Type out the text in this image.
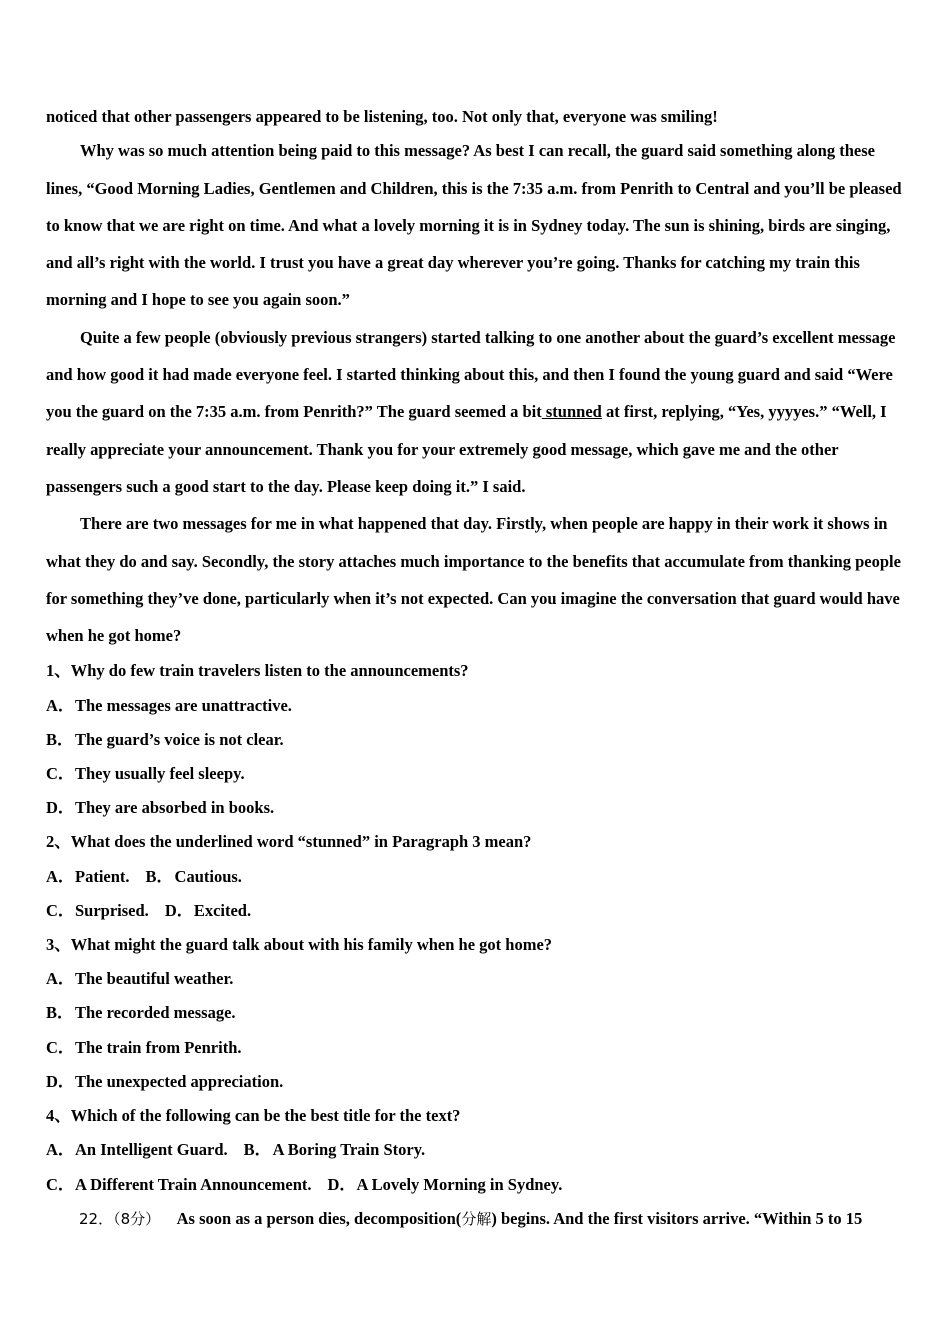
noticed that other passengers appeared to be listening, too. Not only that, everyone was smiling!

Why was so much attention being paid to this message? As best I can recall, the guard said something along these lines, “Good Morning Ladies, Gentlemen and Children, this is the 7:35 a.m. from Penrith to Central and you’ll be pleased to know that we are right on time. And what a lovely morning it is in Sydney today. The sun is shining, birds are singing, and all’s right with the world. I trust you have a great day wherever you’re going. Thanks for catching my train this morning and I hope to see you again soon.”

Quite a few people (obviously previous strangers) started talking to one another about the guard’s excellent message and how good it had made everyone feel. I started thinking about this, and then I found the young guard and said “Were you the guard on the 7:35 a.m. from Penrith?” The guard seemed a bit stunned at first, replying, “Yes, yyyyes.” “Well, I really appreciate your announcement. Thank you for your extremely good message, which gave me and the other passengers such a good start to the day. Please keep doing it.” I said.

There are two messages for me in what happened that day. Firstly, when people are happy in their work it shows in what they do and say. Secondly, the story attaches much importance to the benefits that accumulate from thanking people for something they’ve done, particularly when it’s not expected. Can you imagine the conversation that guard would have when he got home?

1、Why do few train travelers listen to the announcements?
A．The messages are unattractive.
B．The guard’s voice is not clear.
C．They usually feel sleepy.
D．They are absorbed in books.
2、What does the underlined word “stunned” in Paragraph 3 mean?
A．Patient. B．Cautious.
C．Surprised. D．Excited.
3、What might the guard talk about with his family when he got home?
A．The beautiful weather.
B．The recorded message.
C．The train from Penrith.
D．The unexpected appreciation.
4、Which of the following can be the best title for the text?
A．An Intelligent Guard. B．A Boring Train Story.
C．A Different Train Announcement. D．A Lovely Morning in Sydney.
22．（8分） As soon as a person dies, decomposition(分解) begins. And the first visitors arrive. “Within 5 to 15
